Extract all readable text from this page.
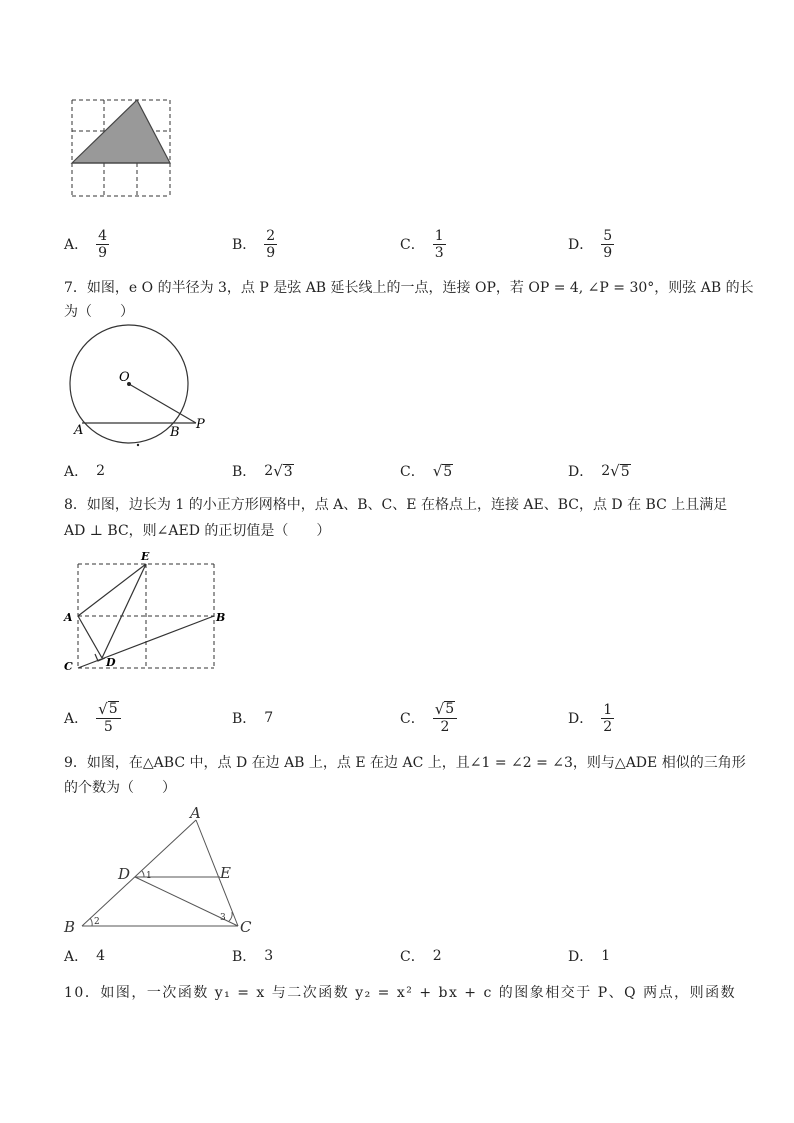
A． $\frac{4}{9}$	B． $\frac{2}{9}$	C． $\frac{1}{3}$	D． $\frac{5}{9}$
7．如图，e O 的半径为 3，点 P 是弦 AB 延长线上的一点，连接 OP，若 OP = 4, ∠P = 30°，则弦 AB 的长
为（　　）
O
A	B
P
A． 2	B． 2 √ 3	C． √ 5	D． 2 √ 5
8．如图，边长为 1 的小正方形网格中，点 A、B、C、E 在格点上，连接 AE、BC，点 D 在 BC 上且满足
AD ⊥ BC，则∠AED 的正切值是（　　）
E
A	B
C	D
A． $\frac{√ 5}{5}$	B． 7	C． $\frac{√ 5}{2}$	D． $\frac{1}{2}$
9．如图，在△ABC 中，点 D 在边 AB 上，点 E 在边 AC 上，且∠1 = ∠2 = ∠3，则与△ADE 相似的三角形
的个数为（　　）
A
D	E
B	C
1
2	3
A． 4	B． 3	C． 2	D． 1
10．如图，一次函数 y₁ = x 与二次函数 y₂ = x² + bx + c 的图象相交于 P、Q 两点，则函数
